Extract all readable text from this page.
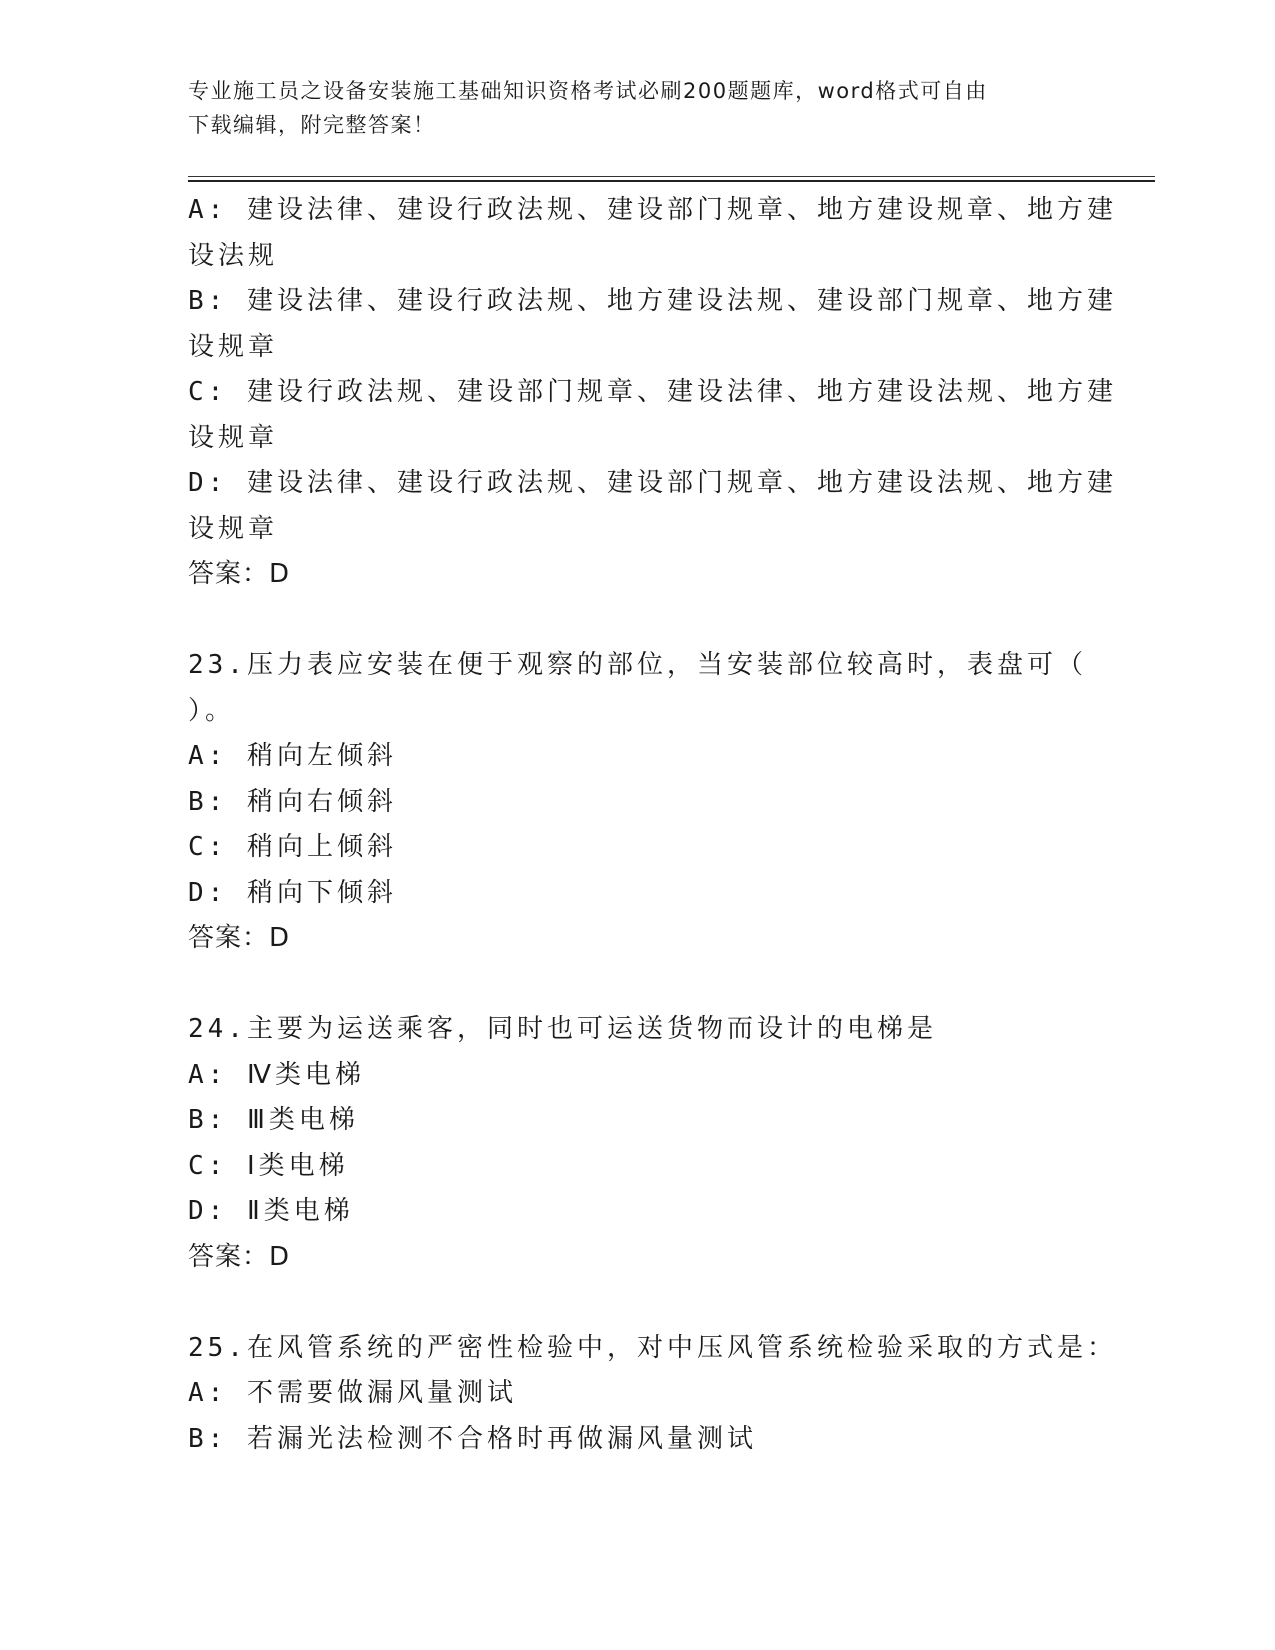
专业施工员之设备安装施工基础知识资格考试必刷200题题库，word格式可自由
下载编辑，附完整答案！
A: 建设法律、建设行政法规、建设部门规章、地方建设规章、地方建
设法规
B: 建设法律、建设行政法规、地方建设法规、建设部门规章、地方建
设规章
C: 建设行政法规、建设部门规章、建设法律、地方建设法规、地方建
设规章
D: 建设法律、建设行政法规、建设部门规章、地方建设法规、地方建
设规章
答案：D
23.压力表应安装在便于观察的部位，当安装部位较高时，表盘可（
）。
A: 稍向左倾斜
B: 稍向右倾斜
C: 稍向上倾斜
D: 稍向下倾斜
答案：D
24.主要为运送乘客，同时也可运送货物而设计的电梯是
A: Ⅳ类电梯
B: Ⅲ类电梯
C: Ⅰ类电梯
D: Ⅱ类电梯
答案：D
25.在风管系统的严密性检验中，对中压风管系统检验采取的方式是：
A: 不需要做漏风量测试
B: 若漏光法检测不合格时再做漏风量测试
